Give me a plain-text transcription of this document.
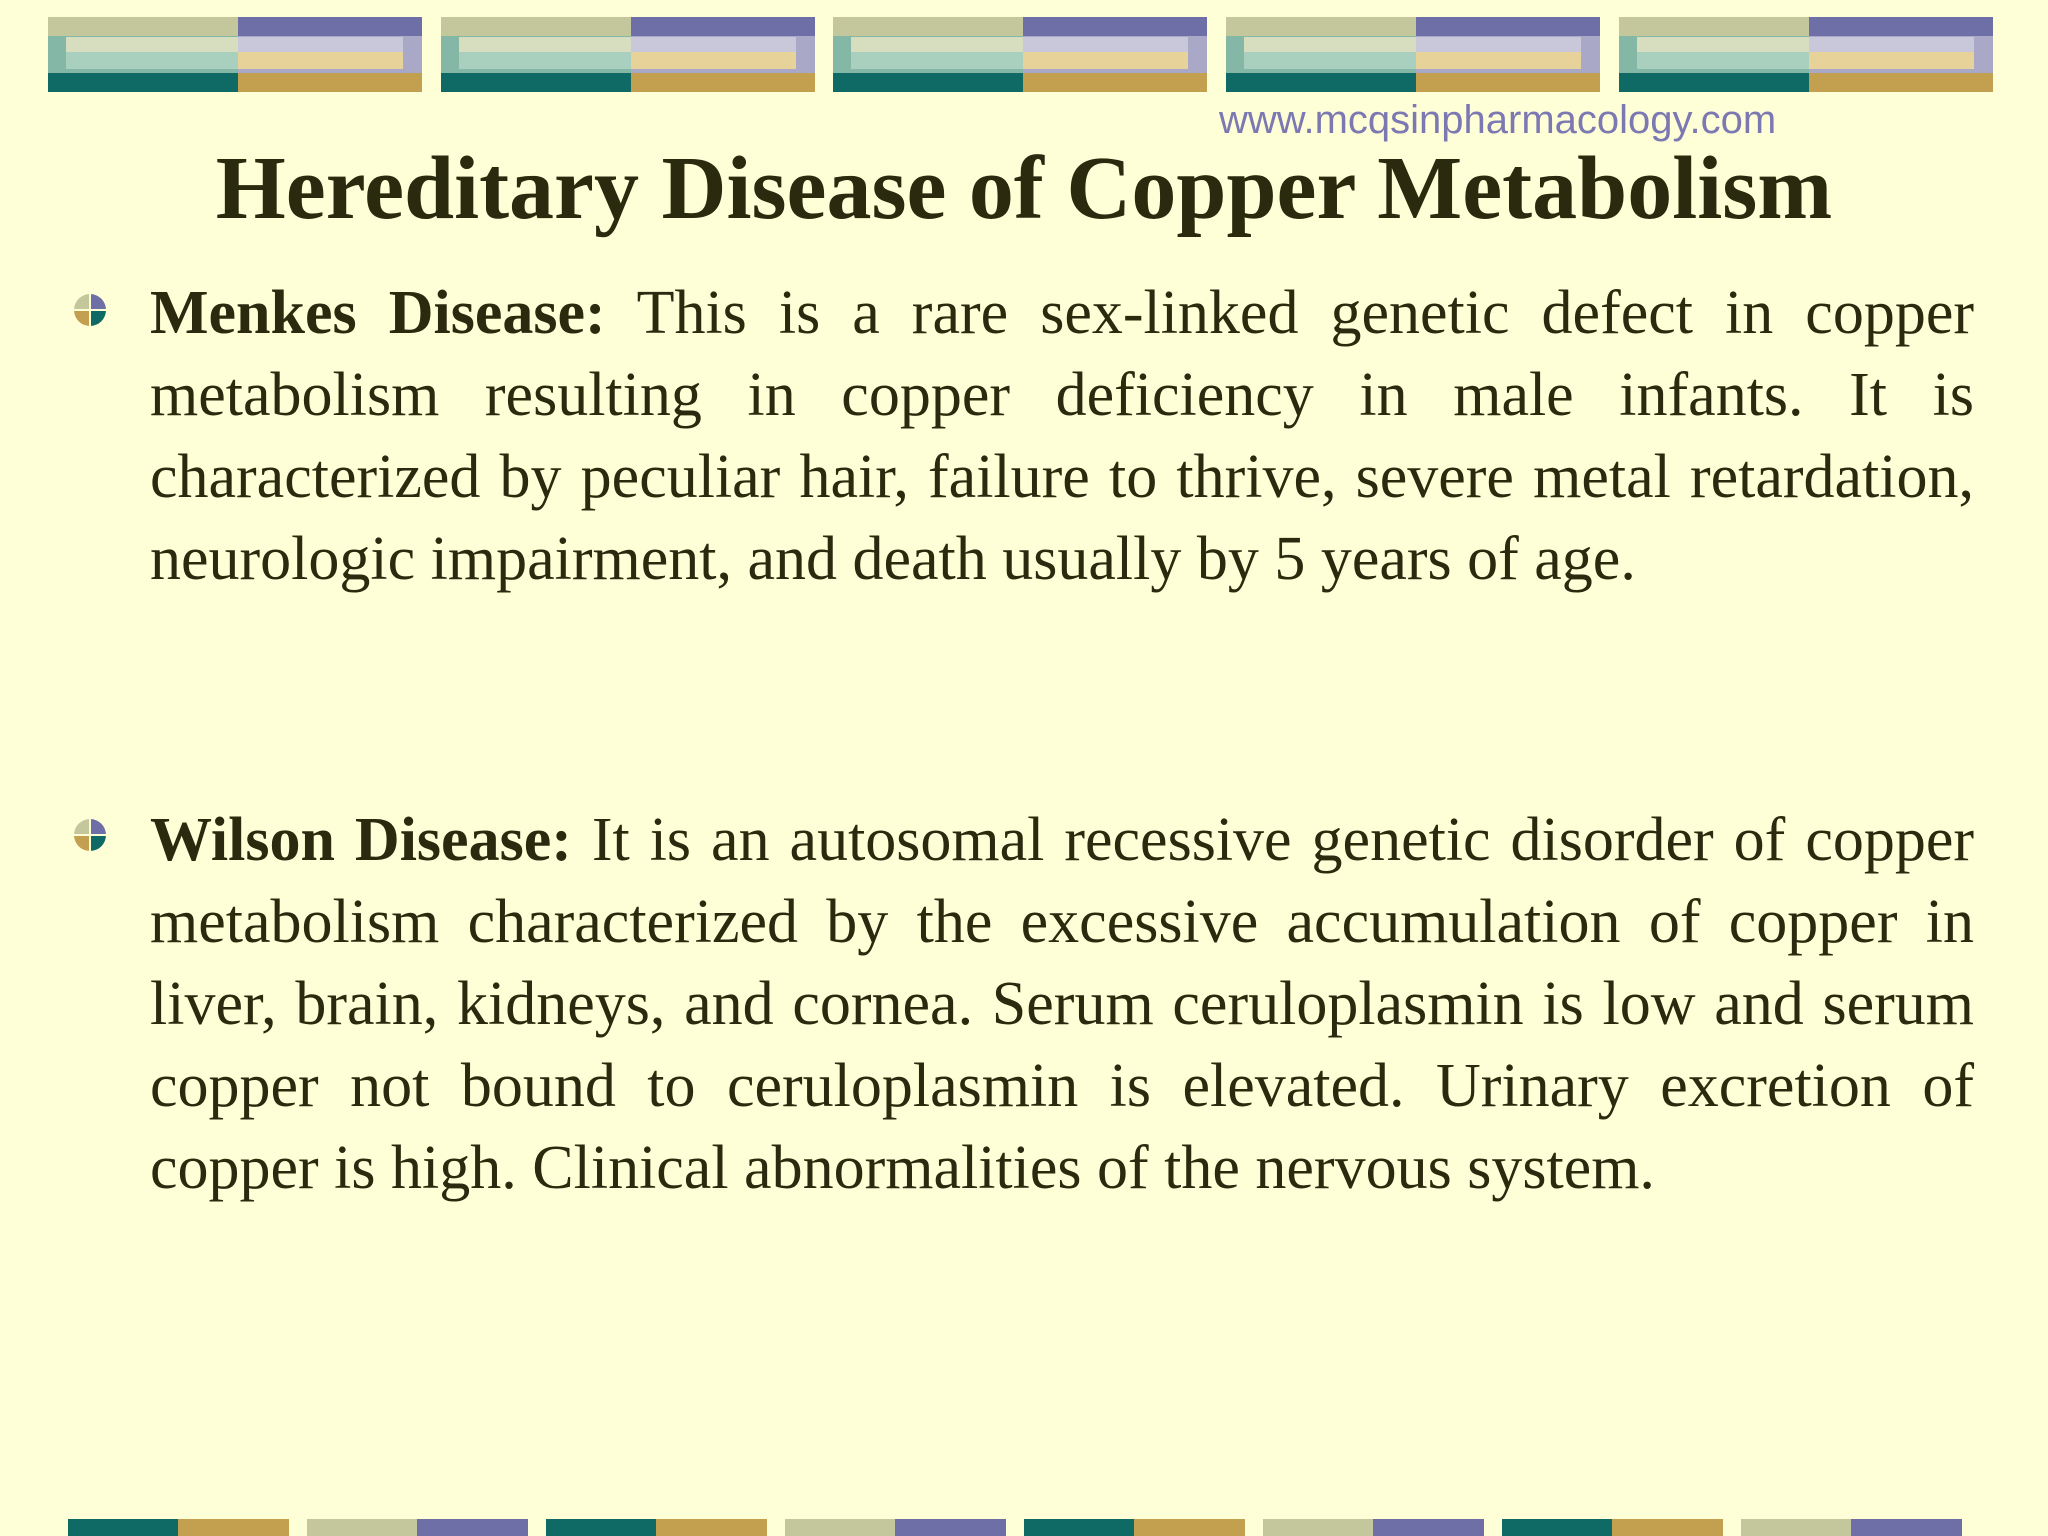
www.mcqsinpharmacology.com
Hereditary Disease of Copper Metabolism

Menkes Disease: This is a rare sex-linked genetic defect in copper metabolism resulting in copper deficiency in male infants. It is characterized by peculiar hair, failure to thrive, severe metal retardation, neurologic impairment, and death usually by 5 years of age.

Wilson Disease: It is an autosomal recessive genetic disorder of copper metabolism characterized by the excessive accumulation of copper in liver, brain, kidneys, and cornea. Serum ceruloplasmin is low and serum copper not bound to ceruloplasmin is elevated. Urinary excretion of copper is high. Clinical abnormalities of the nervous system.
